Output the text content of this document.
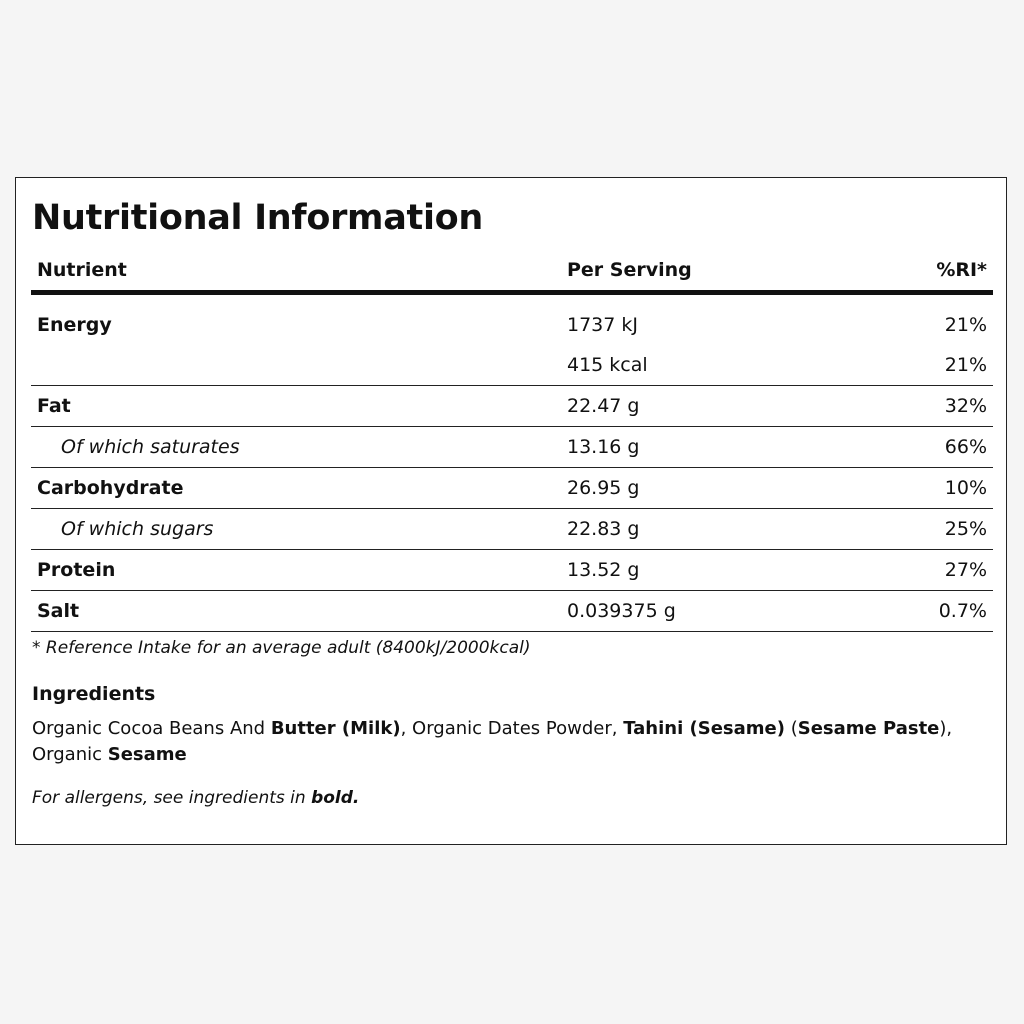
Nutritional Information
Nutrient	Per Serving	%RI*
Energy	1737 kJ	21%
	415 kcal	21%
Fat	22.47 g	32%
Of which saturates	13.16 g	66%
Carbohydrate	26.95 g	10%
Of which sugars	22.83 g	25%
Protein	13.52 g	27%
Salt	0.039375 g	0.7%

* Reference Intake for an average adult (8400kJ/2000kcal)

Ingredients

Organic Cocoa Beans And Butter (Milk), Organic Dates Powder, Tahini (Sesame) (Sesame Paste), Organic Sesame

For allergens, see ingredients in bold.
